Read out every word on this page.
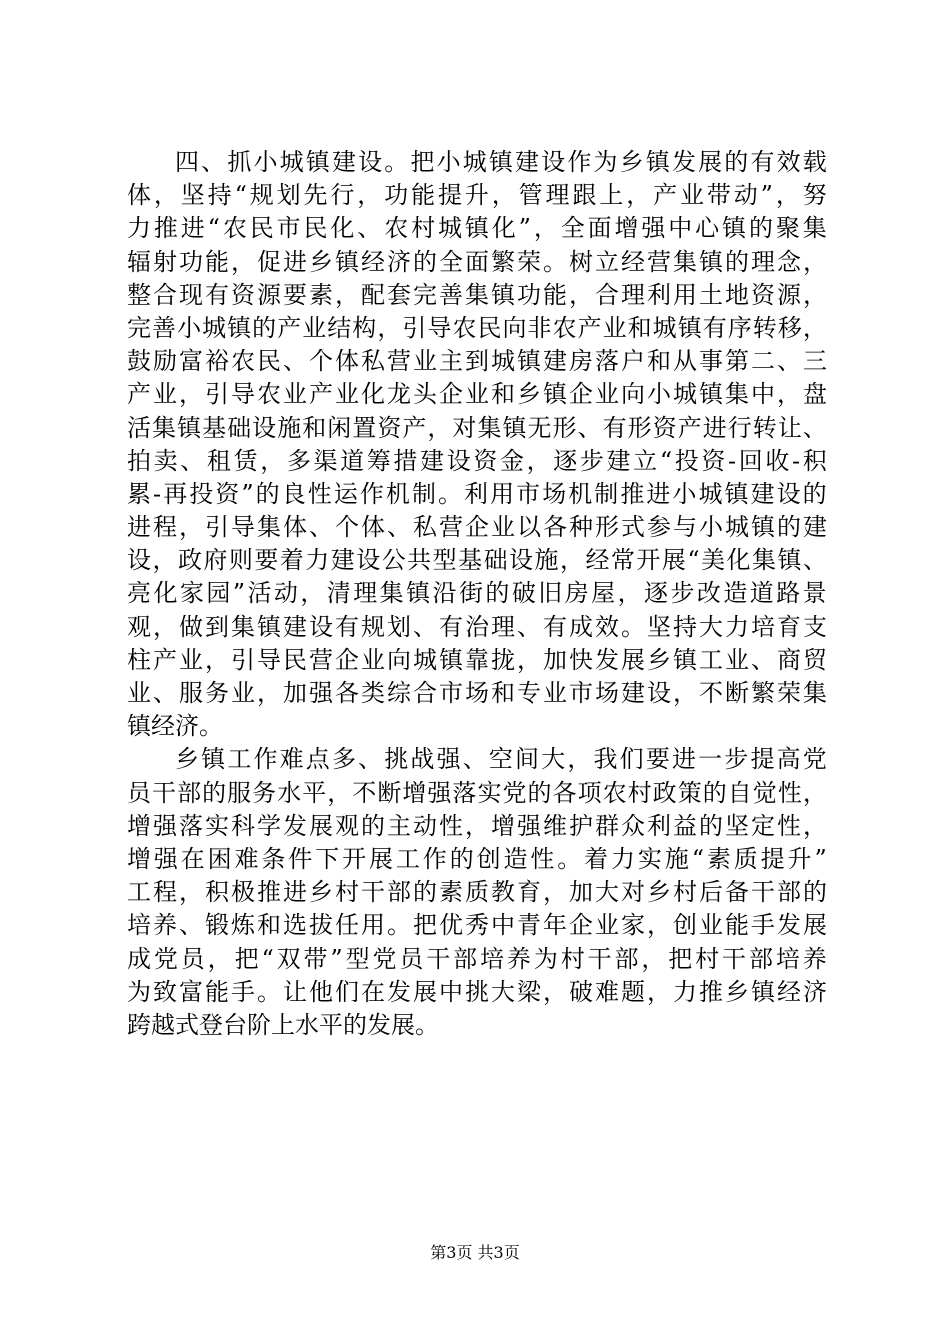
四 、 抓 小 城 镇 建 设 。 把 小 城 镇 建 设 作 为 乡 镇 发 展 的 有 效 载
体 ， 坚 持 “ 规 划 先 行 ， 功 能 提 升 ， 管 理 跟 上 ， 产 业 带 动 ” ， 努
力 推 进 “ 农 民 市 民 化 、 农 村 城 镇 化 ” ， 全 面 增 强 中 心 镇 的 聚 集
辐 射 功 能 ， 促 进 乡 镇 经 济 的 全 面 繁 荣 。 树 立 经 营 集 镇 的 理 念 ，
整 合 现 有 资 源 要 素 ， 配 套 完 善 集 镇 功 能 ， 合 理 利 用 土 地 资 源 ，
完 善 小 城 镇 的 产 业 结 构 ， 引 导 农 民 向 非 农 产 业 和 城 镇 有 序 转 移 ，
鼓 励 富 裕 农 民 、 个 体 私 营 业 主 到 城 镇 建 房 落 户 和 从 事 第 二 、 三
产 业 ， 引 导 农 业 产 业 化 龙 头 企 业 和 乡 镇 企 业 向 小 城 镇 集 中 ， 盘
活 集 镇 基 础 设 施 和 闲 置 资 产 ， 对 集 镇 无 形 、 有 形 资 产 进 行 转 让 、
拍 卖 、 租 赁 ， 多 渠 道 筹 措 建 设 资 金 ， 逐 步 建 立 “ 投 资 - 回 收 - 积
累 - 再 投 资 ” 的 良 性 运 作 机 制 。 利 用 市 场 机 制 推 进 小 城 镇 建 设 的
进 程 ， 引 导 集 体 、 个 体 、 私 营 企 业 以 各 种 形 式 参 与 小 城 镇 的 建
设 ， 政 府 则 要 着 力 建 设 公 共 型 基 础 设 施 ， 经 常 开 展 “ 美 化 集 镇 、
亮 化 家 园 ” 活 动 ， 清 理 集 镇 沿 街 的 破 旧 房 屋 ， 逐 步 改 造 道 路 景
观 ， 做 到 集 镇 建 设 有 规 划 、 有 治 理 、 有 成 效 。 坚 持 大 力 培 育 支
柱 产 业 ， 引 导 民 营 企 业 向 城 镇 靠 拢 ， 加 快 发 展 乡 镇 工 业 、 商 贸
业 、 服 务 业 ， 加 强 各 类 综 合 市 场 和 专 业 市 场 建 设 ， 不 断 繁 荣 集
镇经济。
乡 镇 工 作 难 点 多 、 挑 战 强 、 空 间 大 ， 我 们 要 进 一 步 提 高 党
员 干 部 的 服 务 水 平 ， 不 断 增 强 落 实 党 的 各 项 农 村 政 策 的 自 觉 性 ，
增 强 落 实 科 学 发 展 观 的 主 动 性 ， 增 强 维 护 群 众 利 益 的 坚 定 性 ，
增 强 在 困 难 条 件 下 开 展 工 作 的 创 造 性 。 着 力 实 施 “ 素 质 提 升 ”
工 程 ， 积 极 推 进 乡 村 干 部 的 素 质 教 育 ， 加 大 对 乡 村 后 备 干 部 的
培 养 、 锻 炼 和 选 拔 任 用 。 把 优 秀 中 青 年 企 业 家 ， 创 业 能 手 发 展
成 党 员 ， 把 “ 双 带 ” 型 党 员 干 部 培 养 为 村 干 部 ， 把 村 干 部 培 养
为 致 富 能 手 。 让 他 们 在 发 展 中 挑 大 梁 ， 破 难 题 ， 力 推 乡 镇 经 济
跨越式登台阶上水平的发展。
第3页 共3页
